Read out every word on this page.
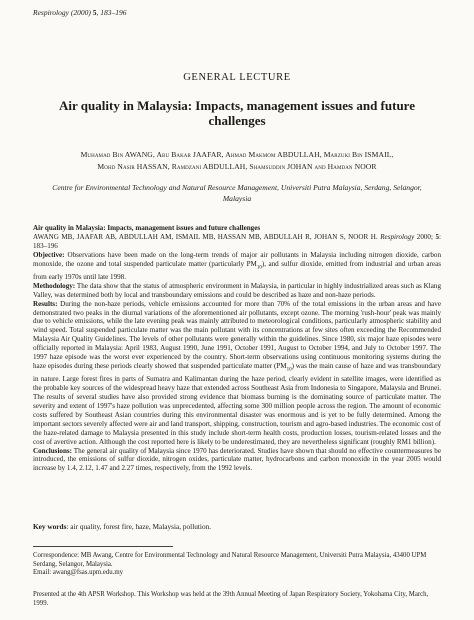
Respirology (2000) 5, 183–196
GENERAL LECTURE
Air quality in Malaysia: Impacts, management issues and future challenges
Muhamad Bin AWANG, Abu Bakar JAAFAR, Ahmad Makmom ABDULLAH, Marzuki Bin ISMAIL,
Mohd Nasir HASSAN, Ramdzani ABDULLAH, Shamsuddin JOHAN and Hamdan NOOR
Centre for Environmental Technology and Natural Resource Management, Universiti Putra Malaysia, Serdang, Selangor, Malaysia

Air quality in Malaysia: Impacts, management issues and future challenges

AWANG MB, JAAFAR AB, ABDULLAH AM, ISMAIL MB, HASSAN MB, ABDULLAH R, JOHAN S, NOOR H. Respirology 2000; 5: 183–196

Objective: Observations have been made on the long-term trends of major air pollutants in Malaysia including nitrogen dioxide, carbon monoxide, the ozone and total suspended particulate matter (particularly $PM_{10}$), and sulfur dioxide, emitted from industrial and urban areas from early 1970s until late 1998.

Methodology: The data show that the status of atmospheric environment in Malaysia, in particular in highly industrialized areas such as Klang Valley, was determined both by local and transboundary emissions and could be described as haze and non-haze periods.

Results: During the non-haze periods, vehicle emissions accounted for more than 70% of the total emissions in the urban areas and have demonstrated two peaks in the diurnal variations of the aforementioned air pollutants, except ozone. The morning 'rush-hour' peak was mainly due to vehicle emissions, while the late evening peak was mainly attributed to meteorological conditions, particularly atmospheric stability and wind speed. Total suspended particulate matter was the main pollutant with its concentrations at few sites often exceeding the Recommended Malaysia Air Quality Guidelines. The levels of other pollutants were generally within the guidelines. Since 1980, six major haze episodes were officially reported in Malaysia: April 1983, August 1990, June 1991, October 1991, August to October 1994, and July to October 1997. The 1997 haze episode was the worst ever experienced by the country. Short-term observations using continuous monitoring systems during the haze episodes during these periods clearly showed that suspended particulate matter $(PM_{10})$ was the main cause of haze and was transboundary in nature. Large forest fires in parts of Sumatra and Kalimantan during the haze period, clearly evident in satellite images, were identified as the probable key sources of the widespread heavy haze that extended across Southeast Asia from Indonesia to Singapore, Malaysia and Brunei. The results of several studies have also provided strong evidence that biomass burning is the dominating source of particulate matter. The severity and extent of 1997's haze pollution was unprecedented, affecting some 300 million people across the region. The amount of economic costs suffered by Southeast Asian countries during this environmental disaster was enormous and is yet to be fully determined. Among the important sectors severely affected were air and land transport, shipping, construction, tourism and agro-based industries. The economic cost of the haze-related damage to Malaysia presented in this study include short-term health costs, production losses, tourism-related losses and the cost of avertive action. Although the cost reported here is likely to be underestimated, they are nevertheless significant (roughly RM1 billion).

Conclusions: The general air quality of Malaysia since 1970 has deteriorated. Studies have shown that should no effective countermeasures be introduced, the emissions of sulfur dioxide, nitrogen oxides, particulate matter, hydrocarbons and carbon monoxide in the year 2005 would increase by 1.4, 2.12, 1.47 and 2.27 times, respectively, from the 1992 levels.

Key words: air quality, forest fire, haze, Malaysia, pollution.

Correspondence: MB Awang, Centre for Environmental Technology and Natural Resource Management, Universiti Putra Malaysia, 43400 UPM Serdang, Selangor, Malaysia.

Email: awang@fsas.upm.edu.my

Presented at the 4th APSR Workshop. This Workshop was held at the 39th Annual Meeting of Japan Respiratory Society, Yokohama City, March, 1999.
